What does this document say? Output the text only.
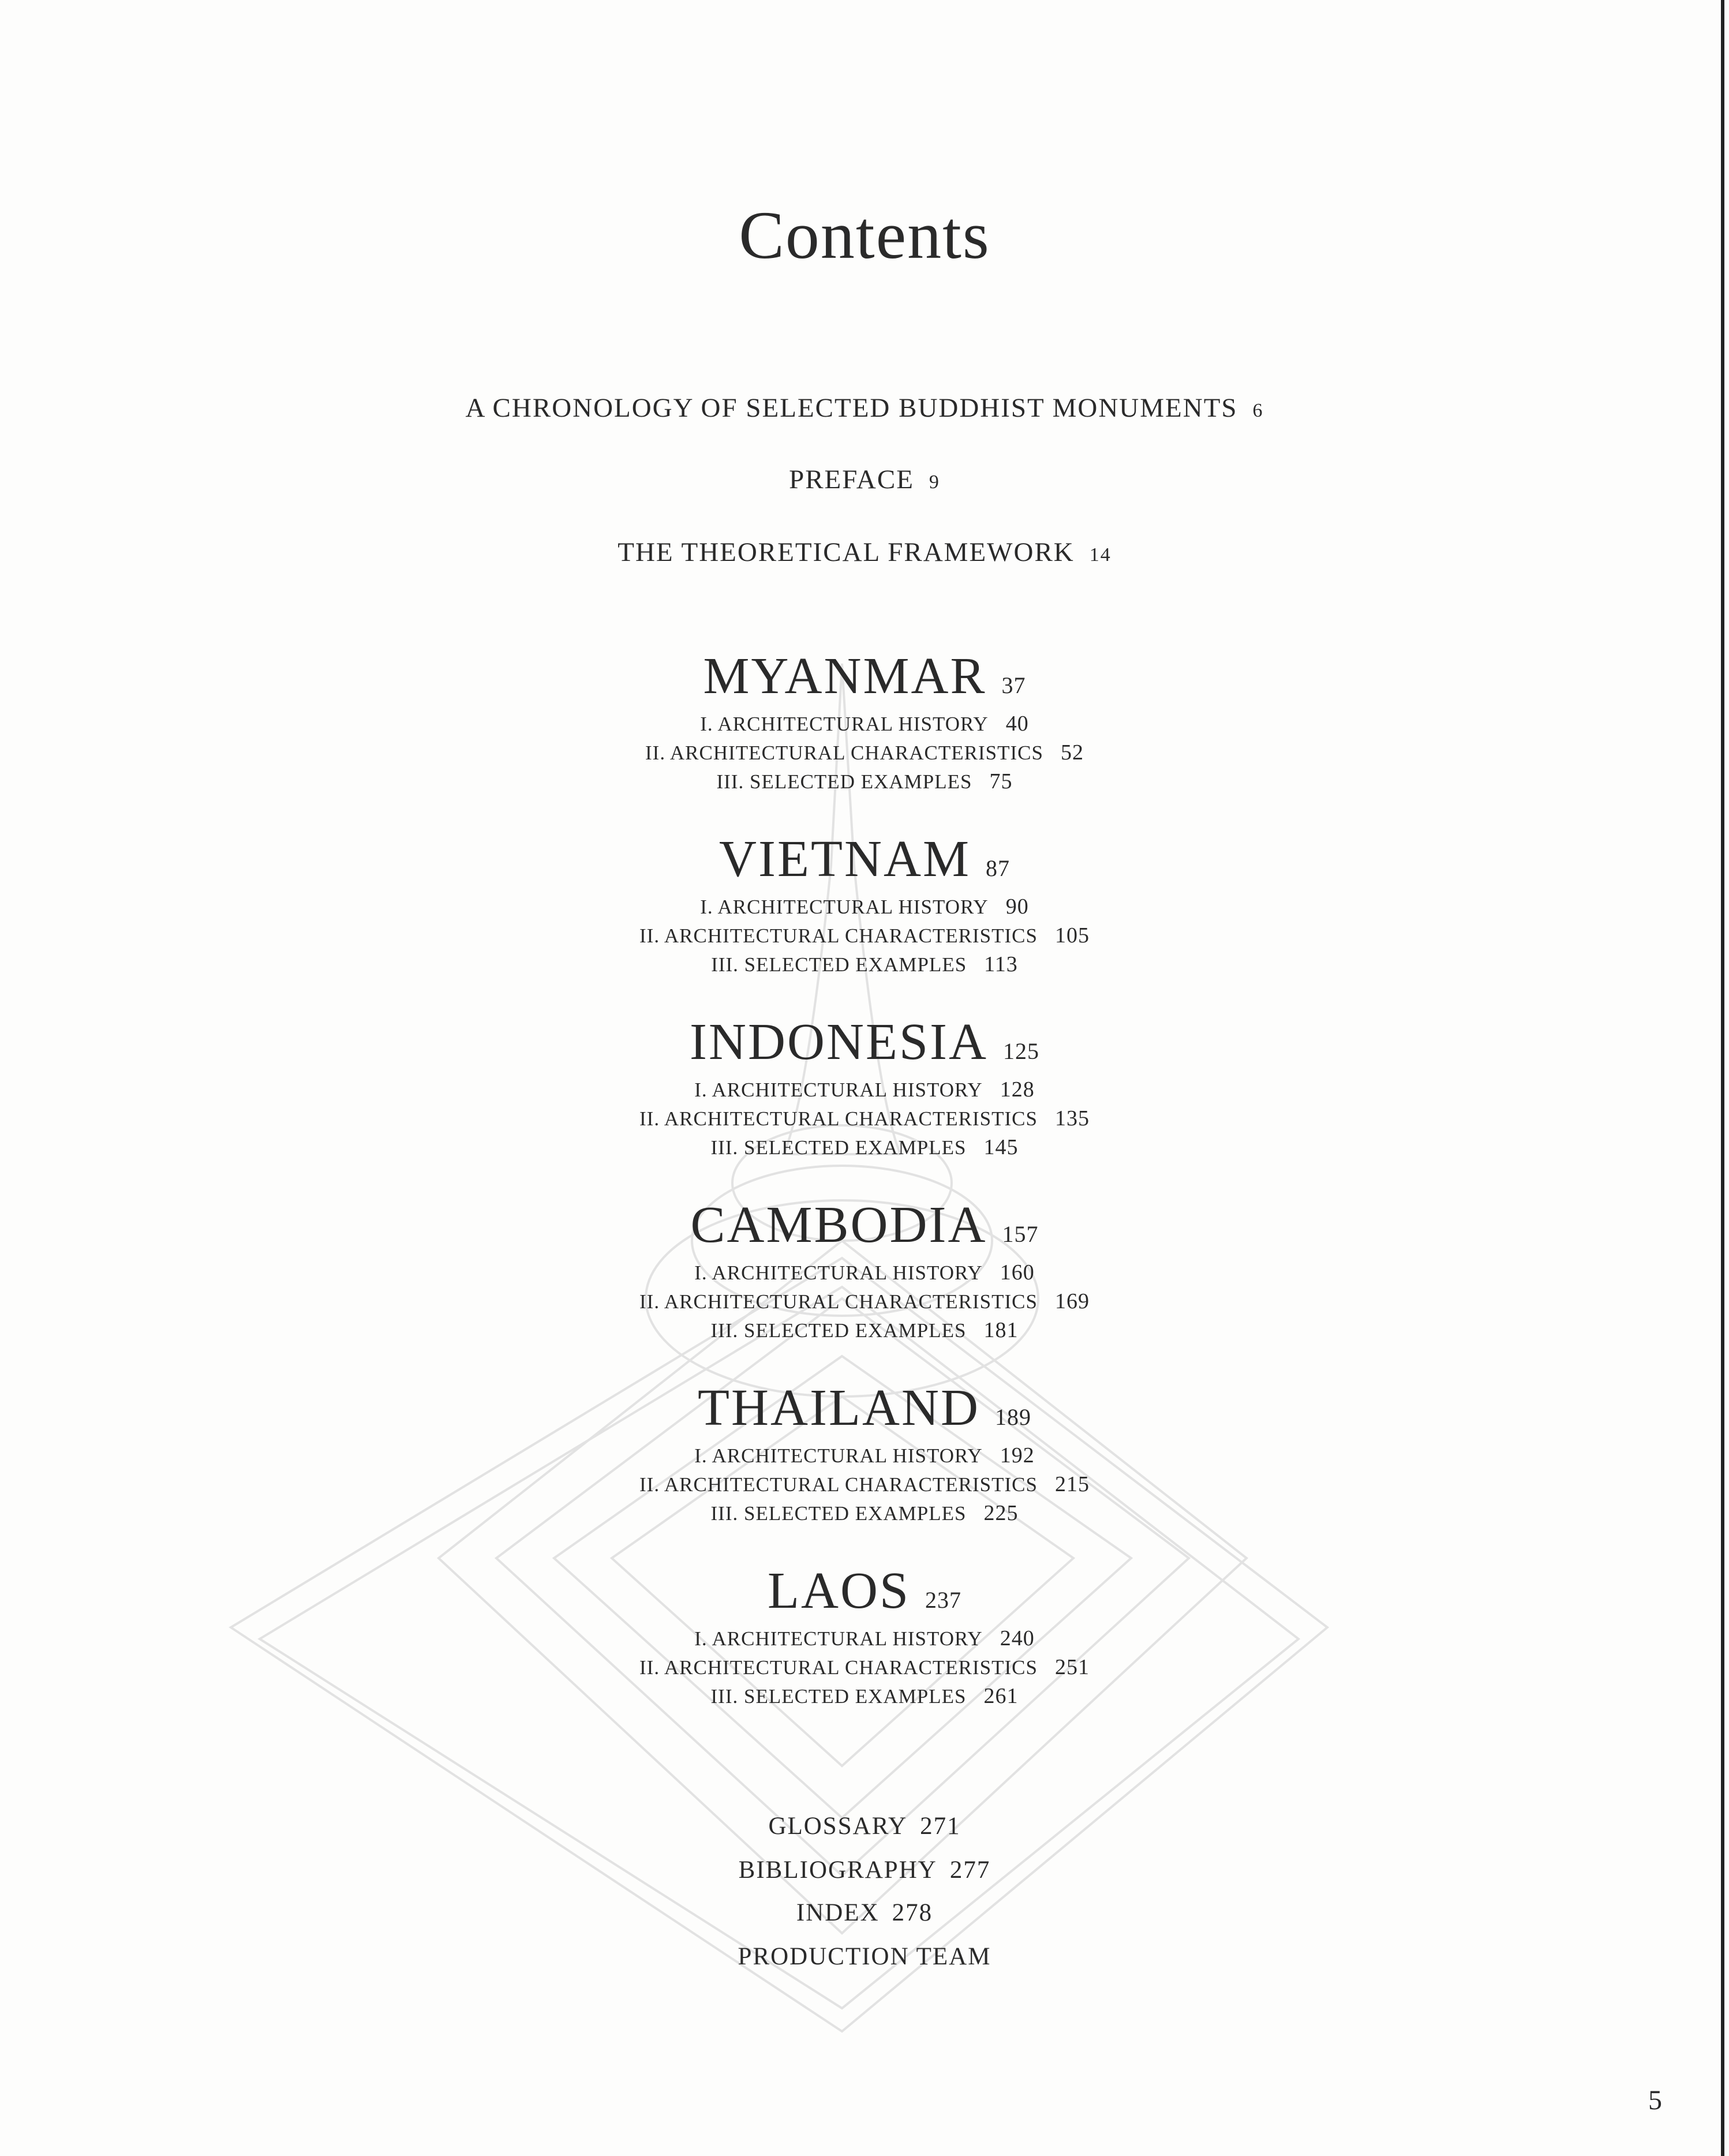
Contents
A CHRONOLOGY OF SELECTED BUDDHIST MONUMENTS 6
PREFACE 9
THE THEORETICAL FRAMEWORK 14
MYANMAR 37
I. ARCHITECTURAL HISTORY 40
II. ARCHITECTURAL CHARACTERISTICS 52
III. SELECTED EXAMPLES 75
VIETNAM 87
I. ARCHITECTURAL HISTORY 90
II. ARCHITECTURAL CHARACTERISTICS 105
III. SELECTED EXAMPLES 113
INDONESIA 125
I. ARCHITECTURAL HISTORY 128
II. ARCHITECTURAL CHARACTERISTICS 135
III. SELECTED EXAMPLES 145
CAMBODIA 157
I. ARCHITECTURAL HISTORY 160
II. ARCHITECTURAL CHARACTERISTICS 169
III. SELECTED EXAMPLES 181
THAILAND 189
I. ARCHITECTURAL HISTORY 192
II. ARCHITECTURAL CHARACTERISTICS 215
III. SELECTED EXAMPLES 225
LAOS 237
I. ARCHITECTURAL HISTORY 240
II. ARCHITECTURAL CHARACTERISTICS 251
III. SELECTED EXAMPLES 261
GLOSSARY 271
BIBLIOGRAPHY 277
INDEX 278
PRODUCTION TEAM
5
